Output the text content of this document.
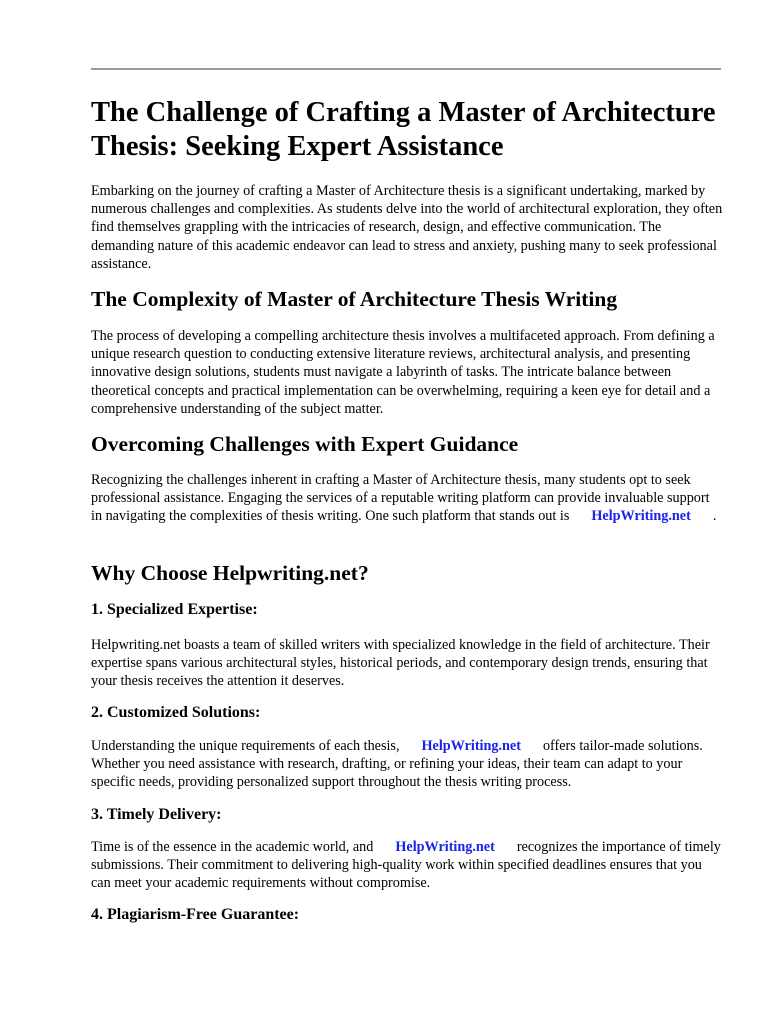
The Challenge of Crafting a Master of Architecture Thesis: Seeking Expert Assistance

Embarking on the journey of crafting a Master of Architecture thesis is a significant undertaking, marked by numerous challenges and complexities. As students delve into the world of architectural exploration, they often find themselves grappling with the intricacies of research, design, and effective communication. The demanding nature of this academic endeavor can lead to stress and anxiety, pushing many to seek professional assistance.

The Complexity of Master of Architecture Thesis Writing

The process of developing a compelling architecture thesis involves a multifaceted approach. From defining a unique research question to conducting extensive literature reviews, architectural analysis, and presenting innovative design solutions, students must navigate a labyrinth of tasks. The intricate balance between theoretical concepts and practical implementation can be overwhelming, requiring a keen eye for detail and a comprehensive understanding of the subject matter.

Overcoming Challenges with Expert Guidance

Recognizing the challenges inherent in crafting a Master of Architecture thesis, many students opt to seek professional assistance. Engaging the services of a reputable writing platform can provide invaluable support in navigating the complexities of thesis writing. One such platform that stands out is HelpWriting.net .

Why Choose Helpwriting.net?
1. Specialized Expertise:

Helpwriting.net boasts a team of skilled writers with specialized knowledge in the field of architecture. Their expertise spans various architectural styles, historical periods, and contemporary design trends, ensuring that your thesis receives the attention it deserves.

2. Customized Solutions:

Understanding the unique requirements of each thesis, HelpWriting.net offers tailor-made solutions. Whether you need assistance with research, drafting, or refining your ideas, their team can adapt to your specific needs, providing personalized support throughout the thesis writing process.

3. Timely Delivery:

Time is of the essence in the academic world, and HelpWriting.net recognizes the importance of timely submissions. Their commitment to delivering high-quality work within specified deadlines ensures that you can meet your academic requirements without compromise.

4. Plagiarism-Free Guarantee:
